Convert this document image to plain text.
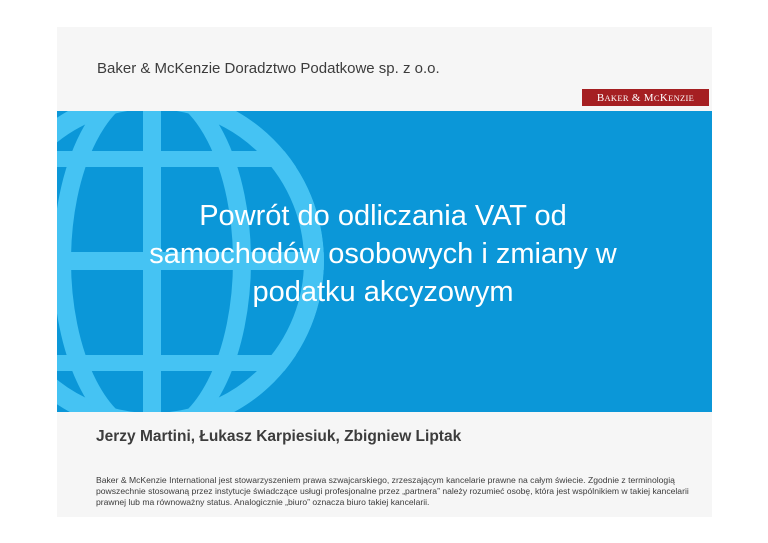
Baker & McKenzie Doradztwo Podatkowe sp. z o.o.
B AKER & M C K ENZIE
Powrót do odliczania VAT od samochodów osobowych i zmiany w podatku akcyzowym
Jerzy Martini, Łukasz Karpiesiuk, Zbigniew Liptak
Baker & McKenzie International jest stowarzyszeniem prawa szwajcarskiego, zrzeszającym kancelarie prawne na całym świecie. Zgodnie z terminologią powszechnie stosowaną przez instytucje świadczące usługi profesjonalne przez „partnera” należy rozumieć osobę, która jest wspólnikiem w takiej kancelarii prawnej lub ma równoważny status. Analogicznie „biuro” oznacza biuro takiej kancelarii.
